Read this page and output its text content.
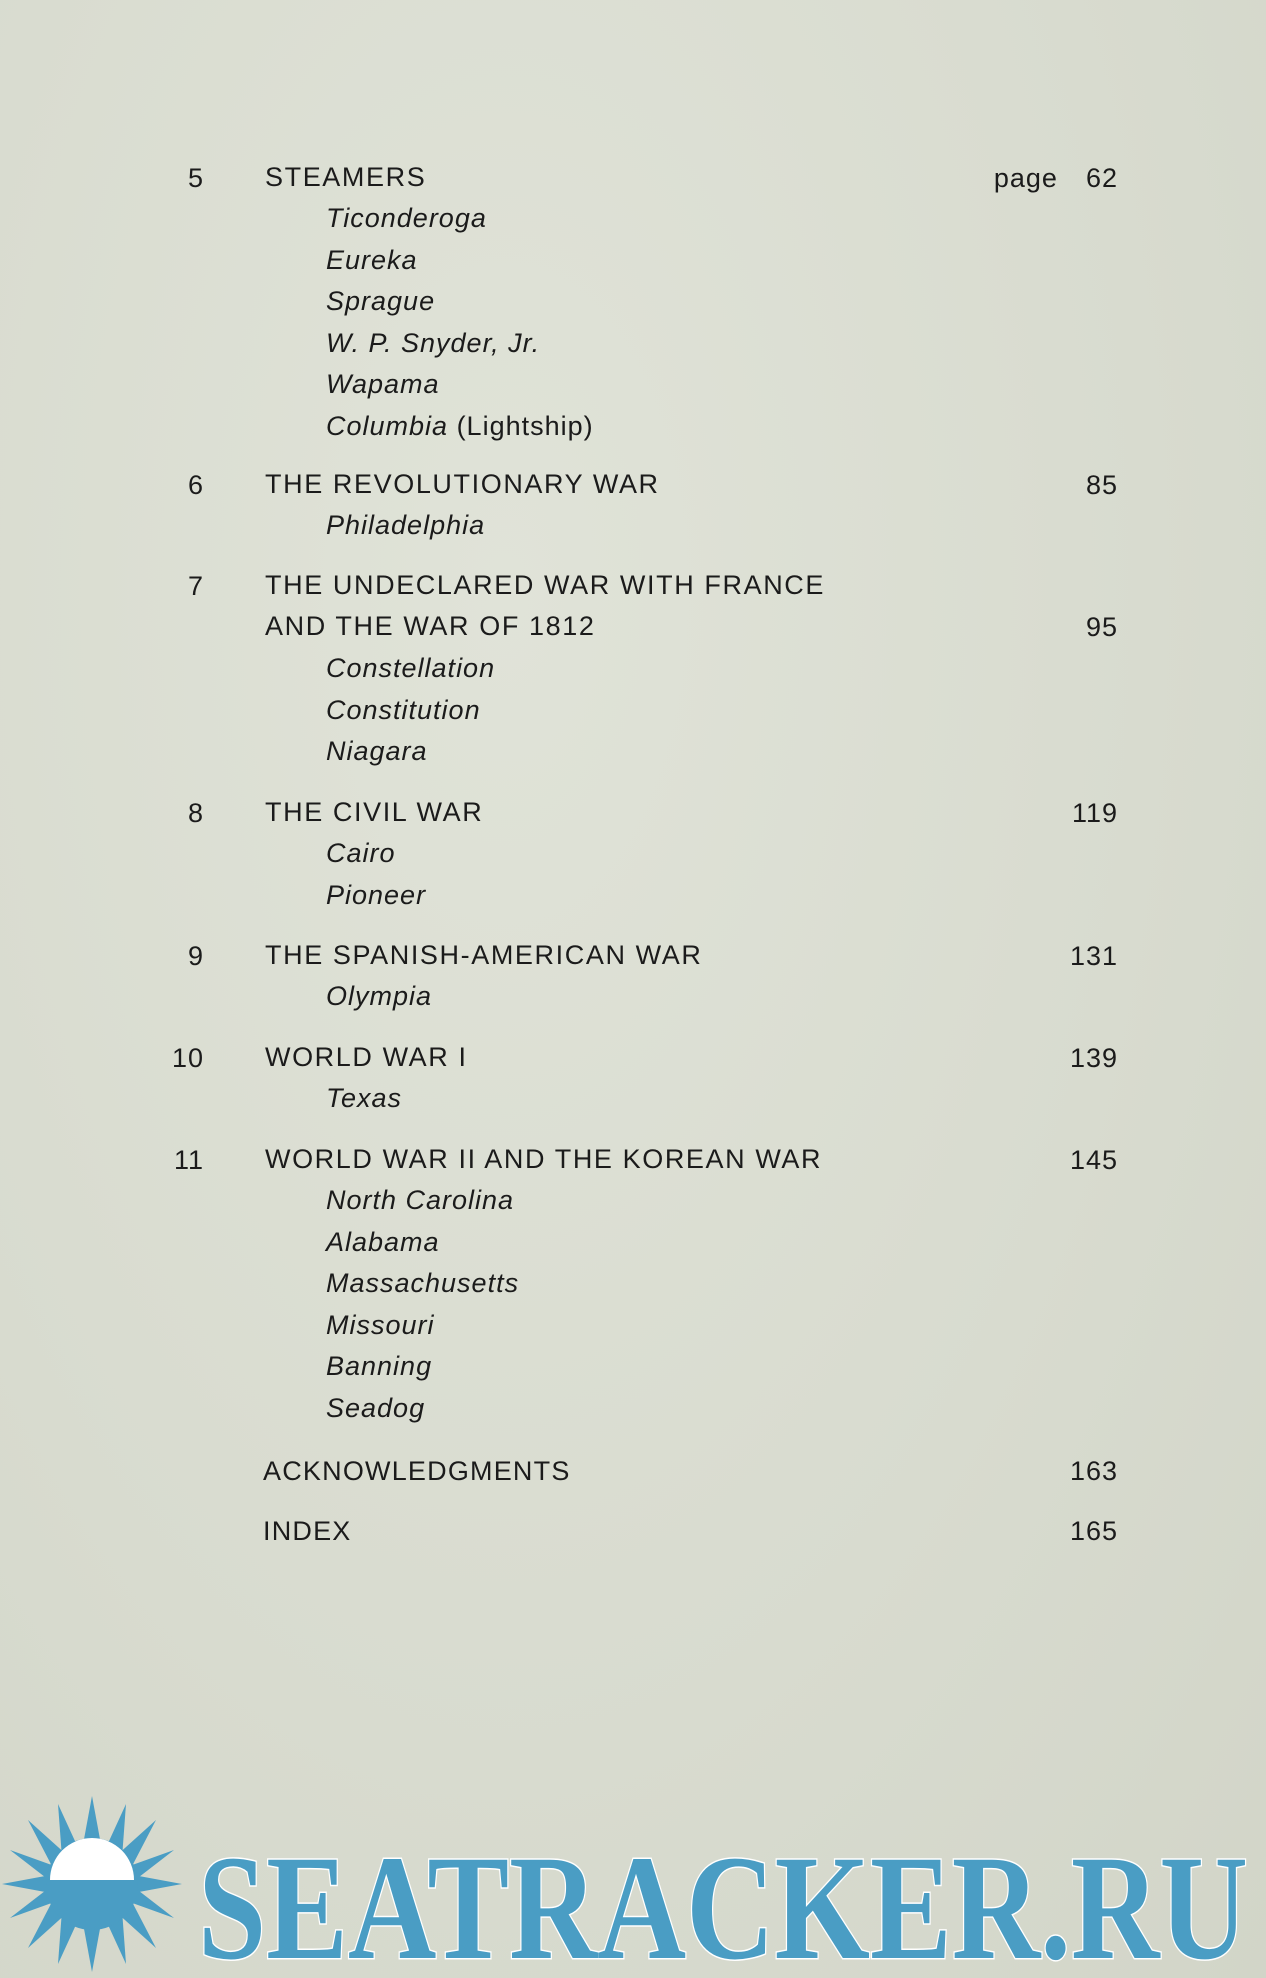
5 STEAMERS	page 62
Ticonderoga
Eureka
Sprague
W. P. Snyder, Jr.
Wapama
Columbia (Lightship)
6 THE REVOLUTIONARY WAR	85
Philadelphia
7 THE UNDECLARED WAR WITH FRANCE
AND THE WAR OF 1812	95
Constellation
Constitution
Niagara
8 THE CIVIL WAR	119
Cairo
Pioneer
9 THE SPANISH-AMERICAN WAR	131
Olympia
10 WORLD WAR I	139
Texas
11 WORLD WAR II AND THE KOREAN WAR	145
North Carolina
Alabama
Massachusetts
Missouri
Banning
Seadog
ACKNOWLEDGMENTS	163
INDEX	165
SEATRACKER.RU
